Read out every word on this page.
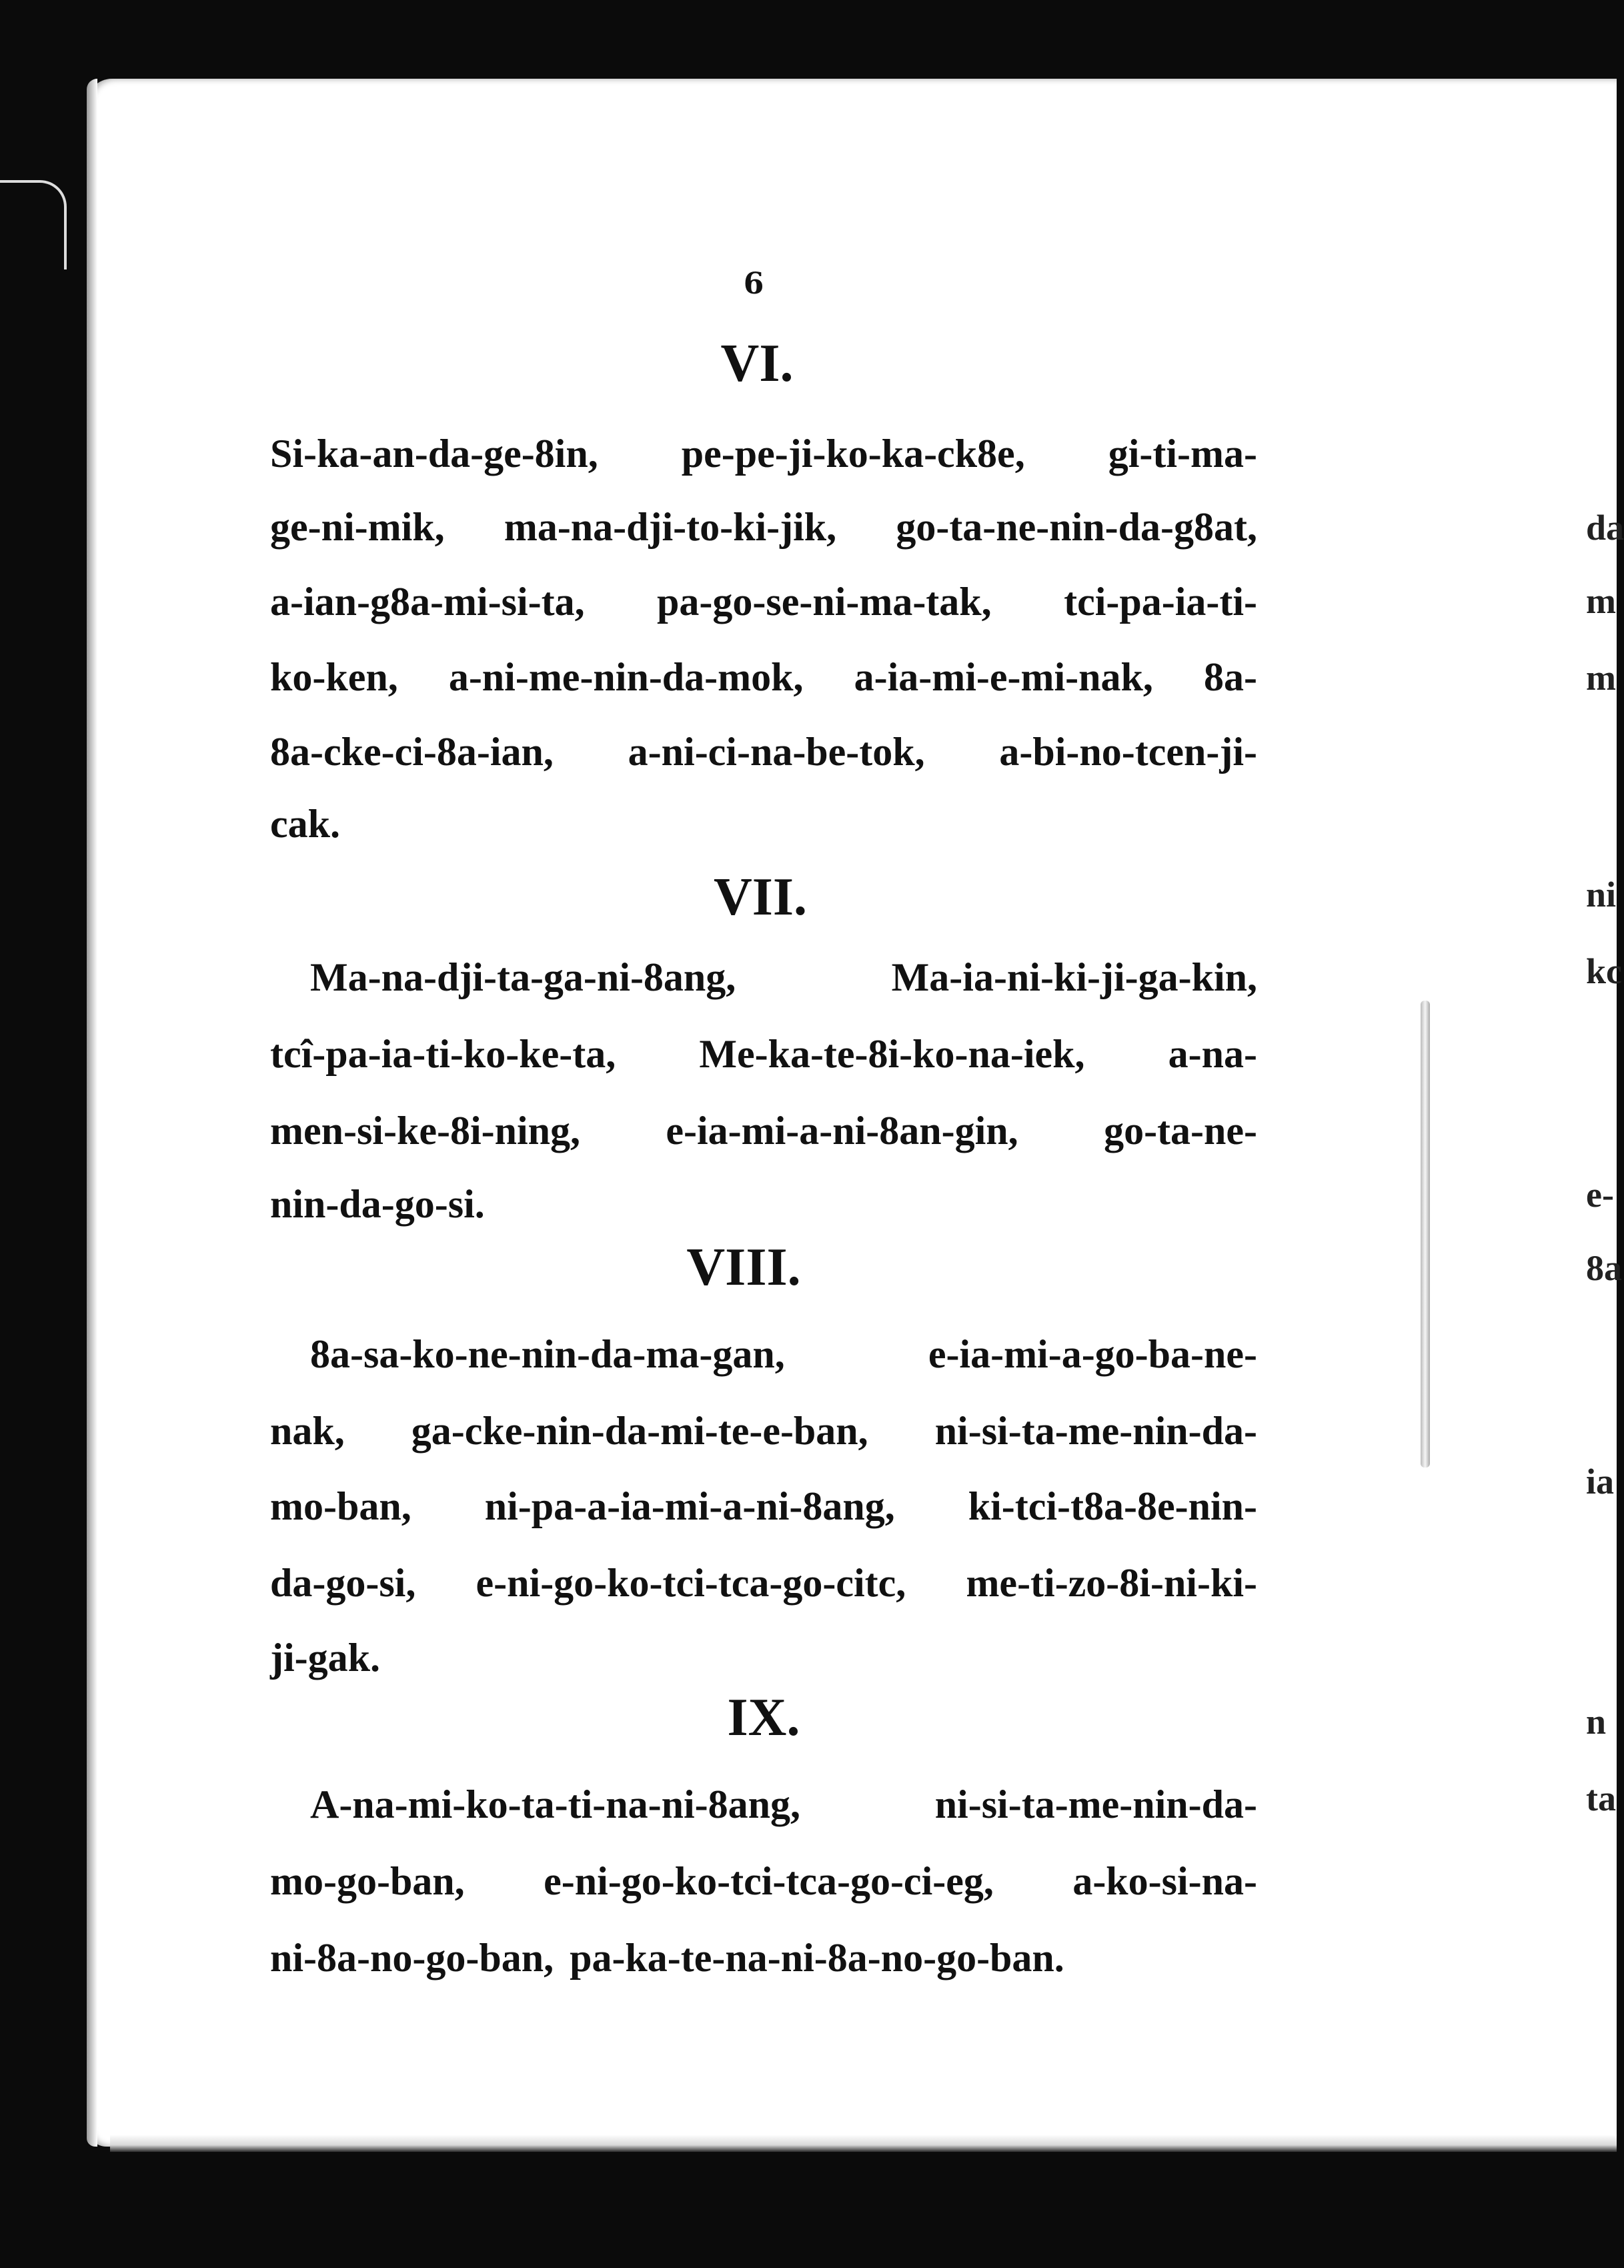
6
VI.
Si-ka-an-da-ge-8in, pe-pe-ji-ko-ka-ck8e, gi-ti-ma-
ge-ni-mik, ma-na-dji-to-ki-jik, go-ta-ne-nin-da-g8at,
a-ian-g8a-mi-si-ta, pa-go-se-ni-ma-tak, tci-pa-ia-ti-
ko-ken, a-ni-me-nin-da-mok, a-ia-mi-e-mi-nak, 8a-
8a-cke-ci-8a-ian, a-ni-ci-na-be-tok, a-bi-no-tcen-ji-
cak.
VII.
Ma-na-dji-ta-ga-ni-8ang,	Ma-ia-ni-ki-ji-ga-kin,
tcî-pa-ia-ti-ko-ke-ta, Me-ka-te-8i-ko-na-iek, a-na-
men-si-ke-8i-ning, e-ia-mi-a-ni-8an-gin, go-ta-ne-
nin-da-go-si.
VIII.
8a-sa-ko-ne-nin-da-ma-gan,	e-ia-mi-a-go-ba-ne-
nak, ga-cke-nin-da-mi-te-e-ban, ni-si-ta-me-nin-da-
mo-ban, ni-pa-a-ia-mi-a-ni-8ang, ki-tci-t8a-8e-nin-
da-go-si, e-ni-go-ko-tci-tca-go-citc, me-ti-zo-8i-ni-ki-
ji-gak.
IX.
A-na-mi-ko-ta-ti-na-ni-8ang,	ni-si-ta-me-nin-da-
mo-go-ban, e-ni-go-ko-tci-tca-go-ci-eg, a-ko-si-na-
ni-8a-no-go-ban, pa-ka-te-na-ni-8a-no-go-ban.
da
m
m
ni
kc
e-
8a
ia
n
ta
